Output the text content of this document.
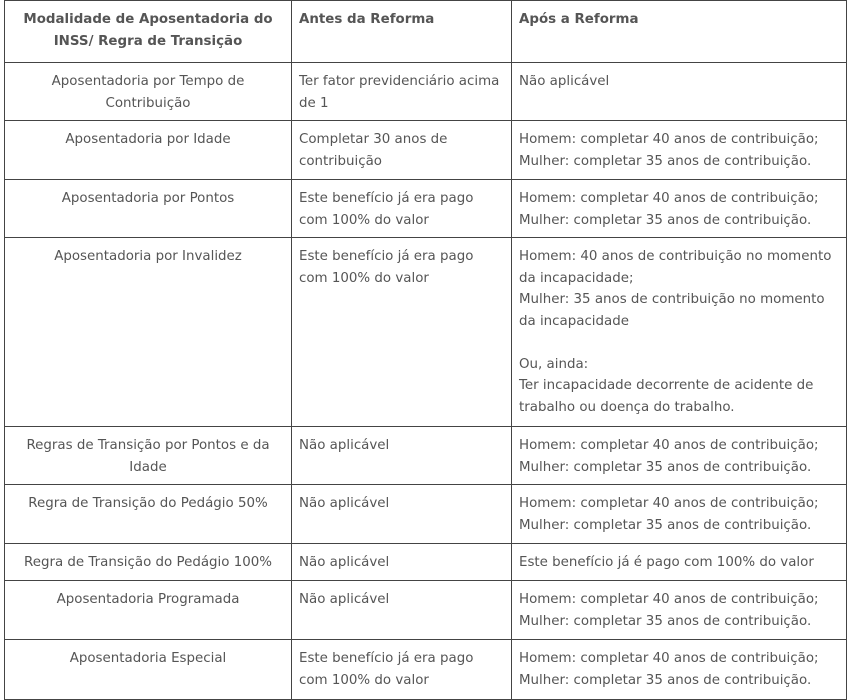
Modalidade de Aposentadoria do INSS/ Regra de Transição	Antes da Reforma	Após a Reforma
Aposentadoria por Tempo de Contribuição	Ter fator previdenciário acima de 1	Não aplicável

Aposentadoria por Idade	Completar 30 anos de contribuição	Homem: completar 40 anos de contribuição;
Mulher: completar 35 anos de contribuição.

Aposentadoria por Pontos	Este benefício já era pago com 100% do valor	Homem: completar 40 anos de contribuição;
Mulher: completar 35 anos de contribuição.

Aposentadoria por Invalidez	Este benefício já era pago com 100% do valor	Homem: 40 anos de contribuição no momento da incapacidade;
Mulher: 35 anos de contribuição no momento da incapacidade
Ou, ainda:
Ter incapacidade decorrente de acidente de trabalho ou doença do trabalho.

Regras de Transição por Pontos e da Idade	Não aplicável	Homem: completar 40 anos de contribuição;
Mulher: completar 35 anos de contribuição.

Regra de Transição do Pedágio 50%	Não aplicável	Homem: completar 40 anos de contribuição;
Mulher: completar 35 anos de contribuição.

Regra de Transição do Pedágio 100%	Não aplicável	Este benefício já é pago com 100% do valor

Aposentadoria Programada	Não aplicável	Homem: completar 40 anos de contribuição;
Mulher: completar 35 anos de contribuição.

Aposentadoria Especial	Este benefício já era pago com 100% do valor	Homem: completar 40 anos de contribuição;
Mulher: completar 35 anos de contribuição.
